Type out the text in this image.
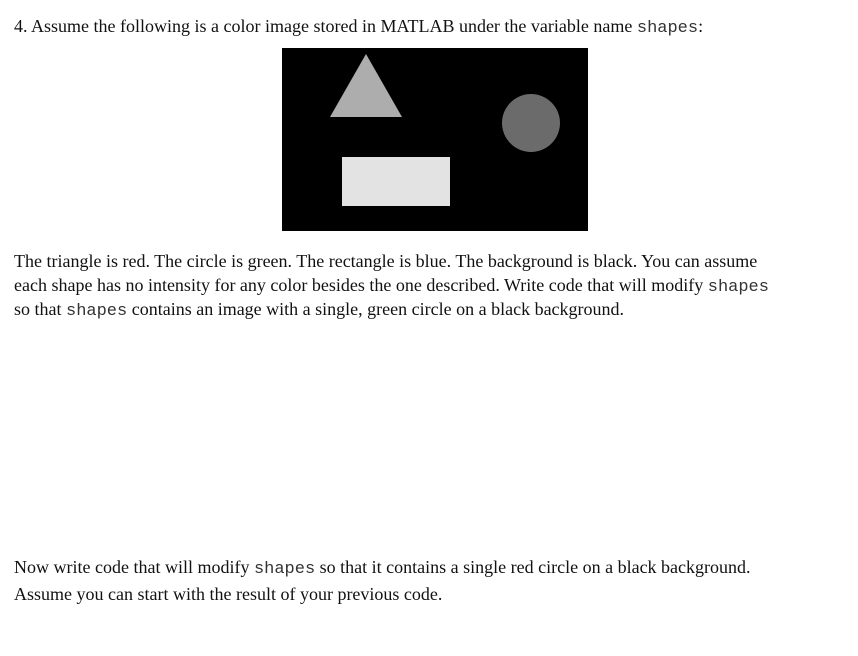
4. Assume the following is a color image stored in MATLAB under the variable name shapes:
The triangle is red. The circle is green. The rectangle is blue. The background is black. You can assume
each shape has no intensity for any color besides the one described. Write code that will modify shapes
so that shapes contains an image with a single, green circle on a black background.
Now write code that will modify shapes so that it contains a single red circle on a black background.
Assume you can start with the result of your previous code.
